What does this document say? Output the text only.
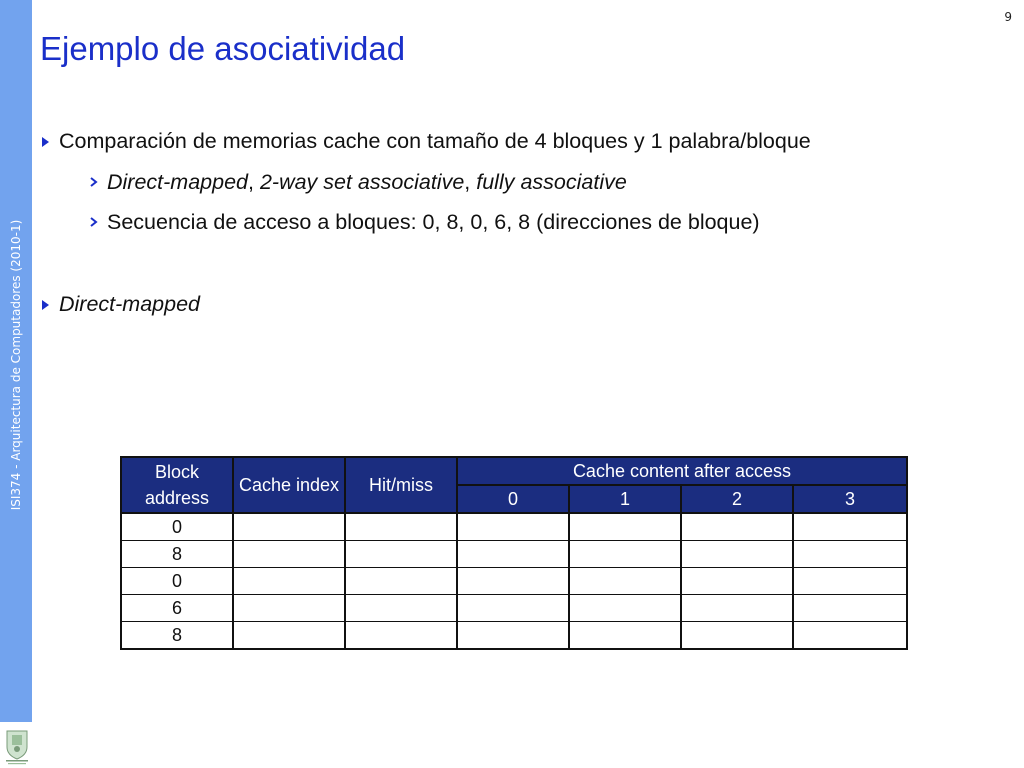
ISI374 - Arquitectura de Computadores (2010-1)
9
Ejemplo de asociatividad
Comparación de memorias cache con tamaño de 4 bloques y 1 palabra/bloque
Direct-mapped, 2-way set associative, fully associative
Secuencia de acceso a bloques: 0, 8, 0, 6, 8 (direcciones de bloque)
Direct-mapped
Block address	Cache index	Hit/miss	Cache content after access			
			0	1	2	3
0						
8						
0						
6						
8						
